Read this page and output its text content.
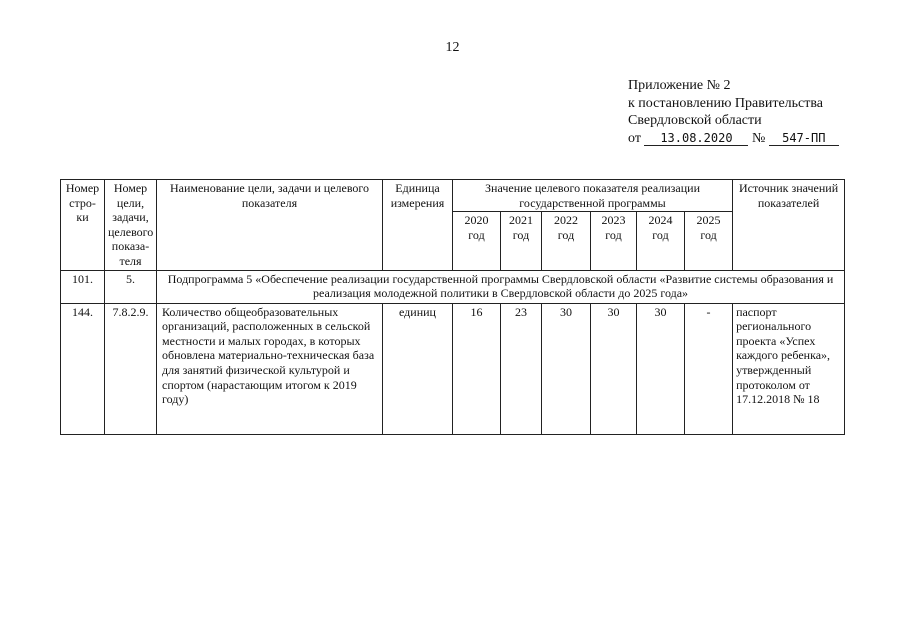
12
Приложение № 2
к постановлению Правительства
Свердловской области
от 13.08.2020 № 547-ПП
Номер стро-ки	Номер цели, задачи, целевого показа-теля	Наименование цели, задачи и целевого показателя	Единица измерения	Значение целевого показателя реализации государственной программы						Источник значений показателей
				2020 год	2021 год	2022 год	2023 год	2024 год	2025 год	
101.	5.	Подпрограмма 5 «Обеспечение реализации государственной программы Свердловской области «Развитие системы образования и реализация молодежной политики в Свердловской области до 2025 года»								
144.	7.8.2.9.	Количество общеобразовательных организаций, расположенных в сельской местности и малых городах, в которых обновлена материально-техническая база для занятий физической культурой и спортом (нарастающим итогом к 2019 году)	единиц	16	23	30	30	30	-	паспорт регионального проекта «Успех каждого ребенка», утвержденный протоколом от 17.12.2018 № 18
